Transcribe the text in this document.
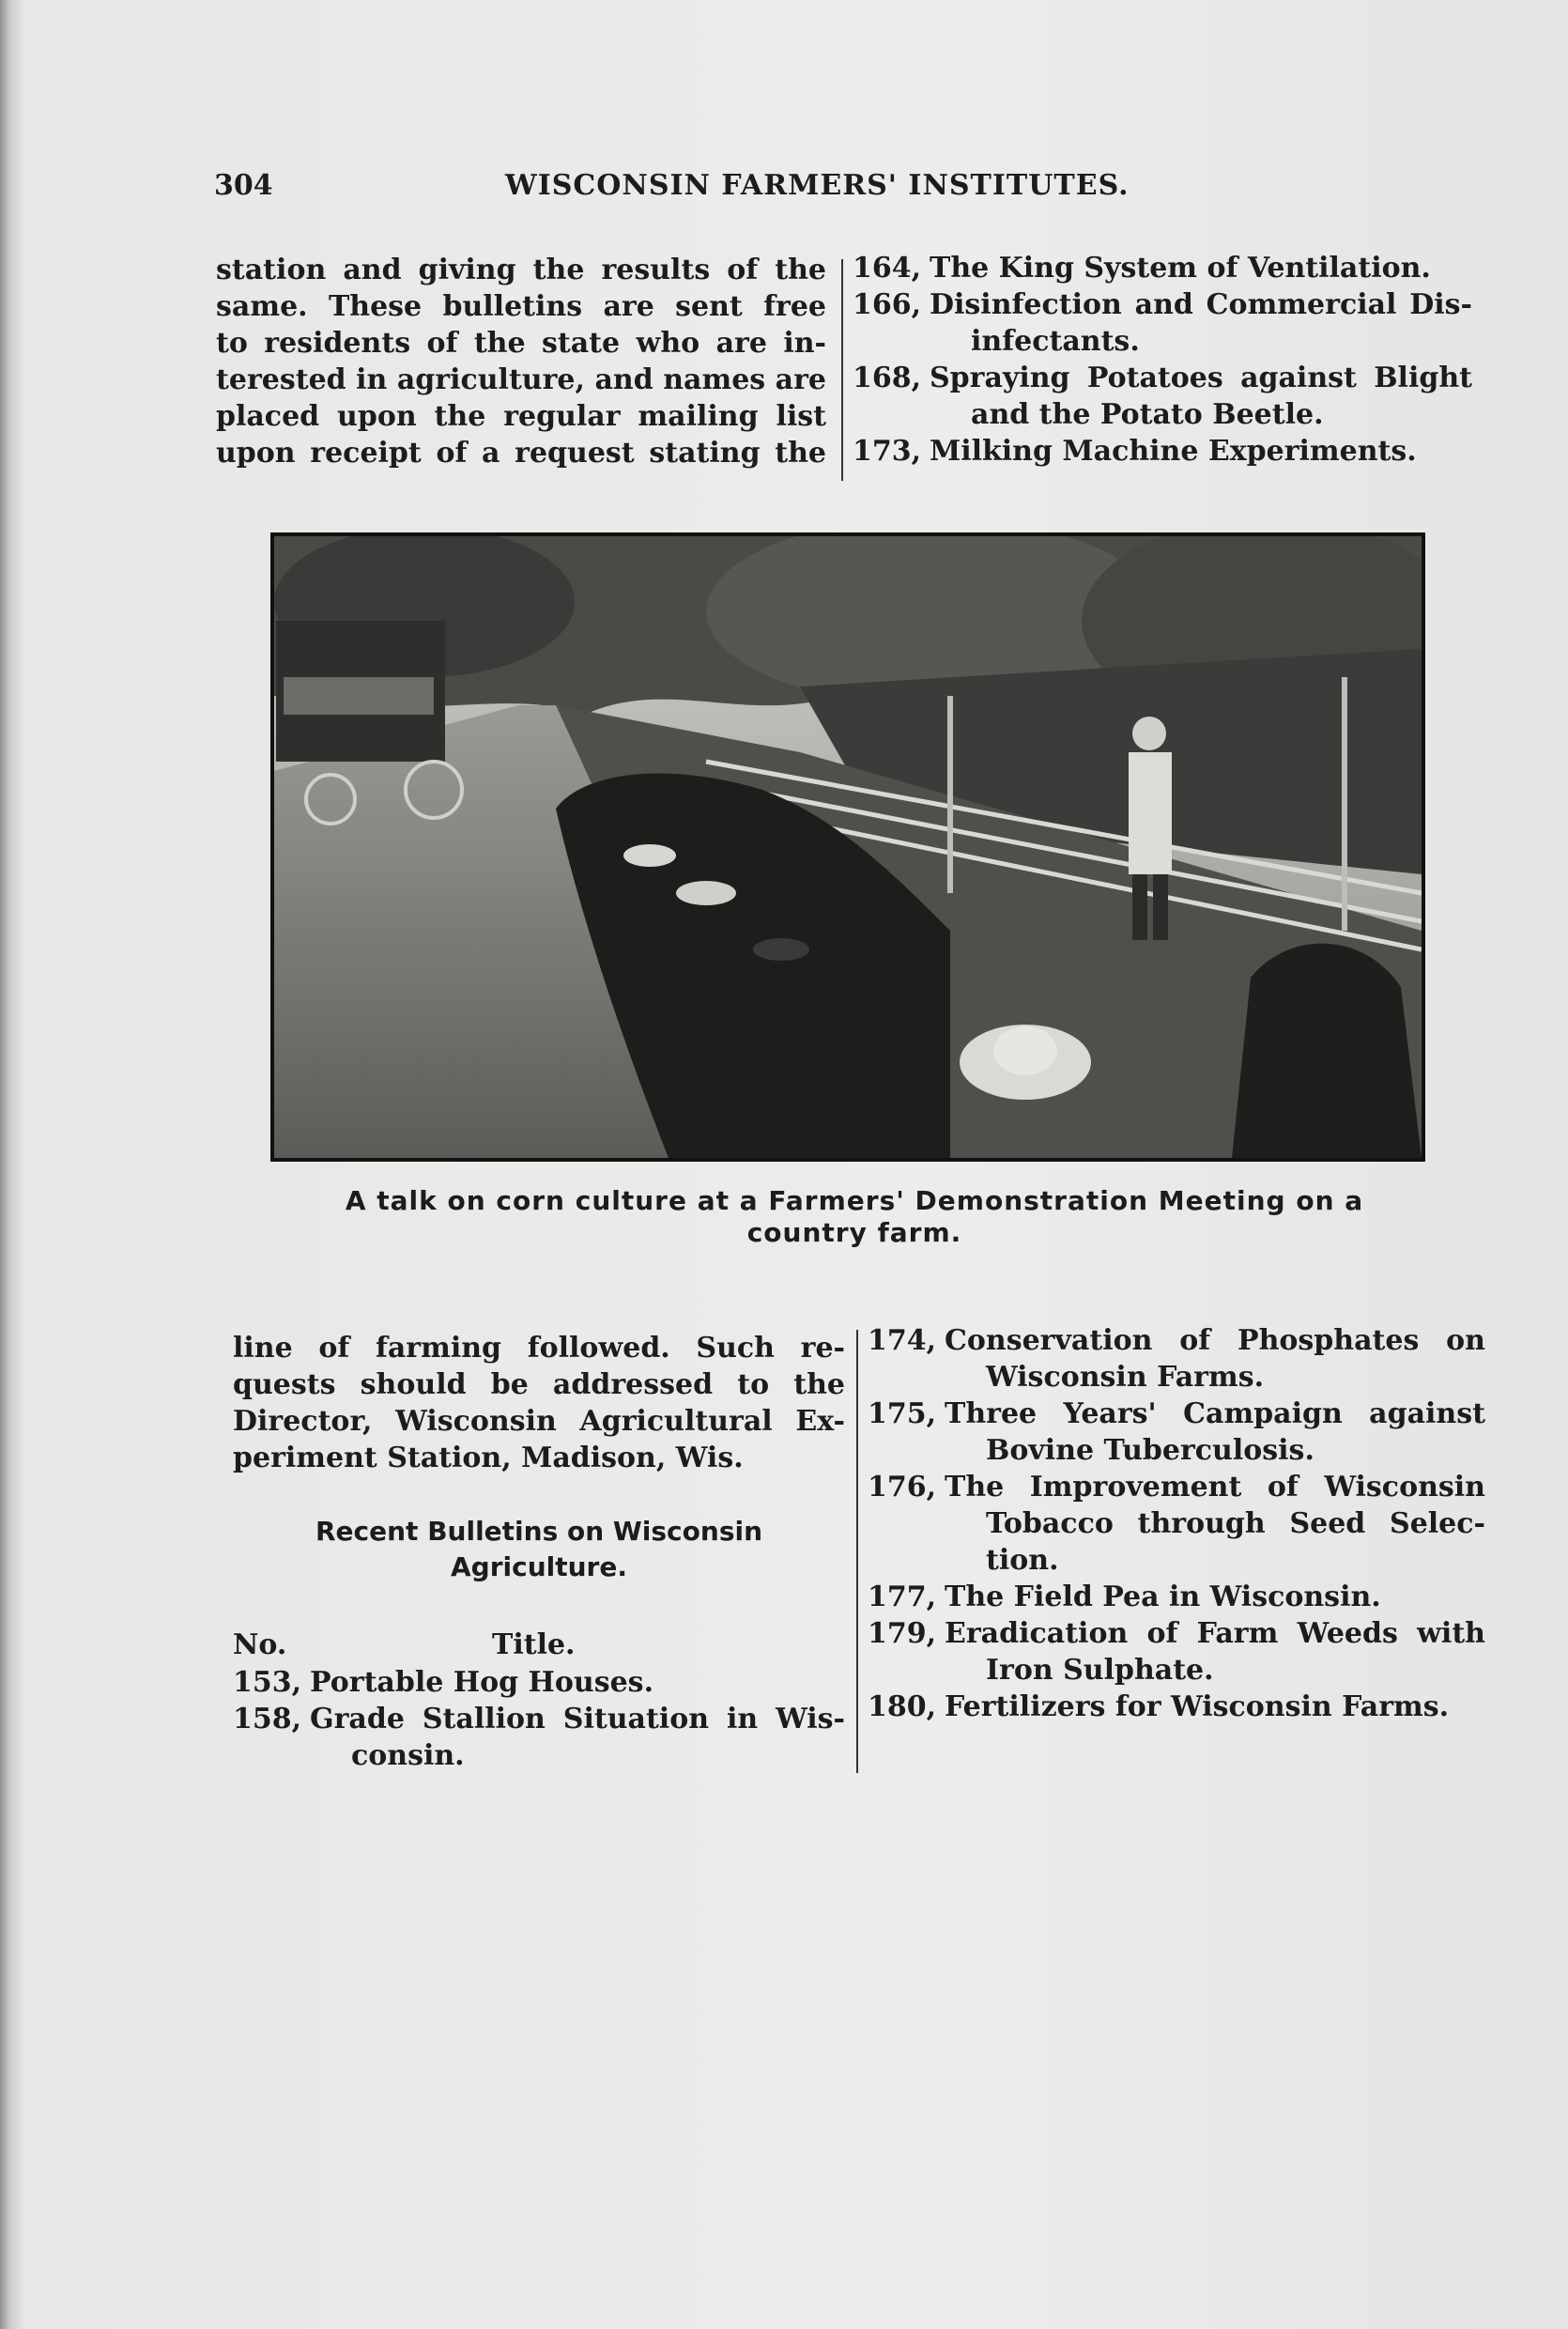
304	WISCONSIN FARMERS' INSTITUTES.

station and giving the results of the

same. These bulletins are sent free

to residents of the state who are in-

terested in agriculture, and names are

placed upon the regular mailing list

upon receipt of a request stating the

164, The King System of Ventilation.
166, Disinfection and Commercial Dis-
infectants.
168, Spraying Potatoes against Blight
and the Potato Beetle.
173, Milking Machine Experiments.
A talk on corn culture at a Farmers' Demonstration Meeting on a
country farm.

line of farming followed. Such re-

quests should be addressed to the

Director, Wisconsin Agricultural Ex-

periment Station, Madison, Wis.

Recent Bulletins on Wisconsin
Agriculture.
No.	Title.
153, Portable Hog Houses.
158, Grade Stallion Situation in Wis-
consin.
174, Conservation of Phosphates on
Wisconsin Farms.
175, Three Years' Campaign against
Bovine Tuberculosis.
176, The Improvement of Wisconsin
Tobacco through Seed Selec-
tion.
177, The Field Pea in Wisconsin.
179, Eradication of Farm Weeds with
Iron Sulphate.
180, Fertilizers for Wisconsin Farms.
